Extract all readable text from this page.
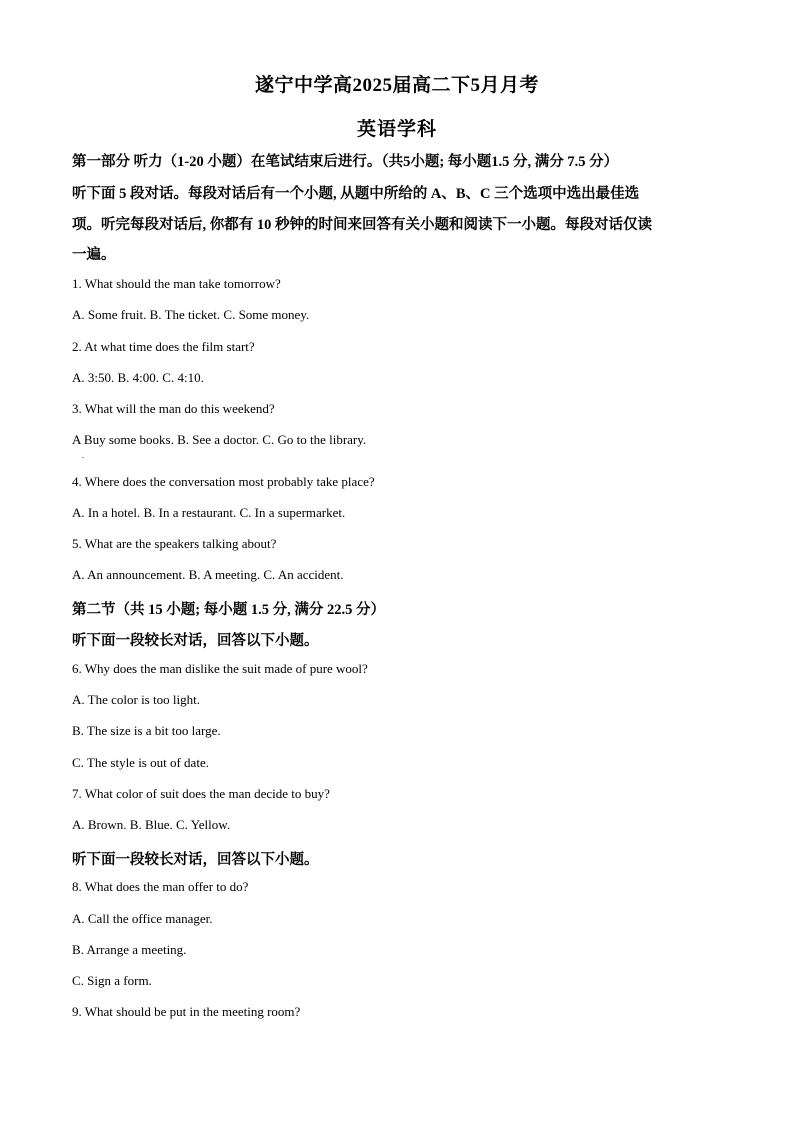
遂宁中学高2025届高二下5月月考
英语学科
第一部分 听力（1-20 小题）在笔试结束后进行。（共5小题; 每小题1.5 分, 满分 7.5 分）
听下面 5 段对话。每段对话后有一个小题, 从题中所给的 A、B、C 三个选项中选出最佳选
项。听完每段对话后, 你都有 10 秒钟的时间来回答有关小题和阅读下一小题。每段对话仅读
一遍。
1. What should the man take tomorrow?
A. Some fruit. B. The ticket. C. Some money.
2. At what time does the film start?
A. 3:50. B. 4:00. C. 4:10.
3. What will the man do this weekend?
A Buy some books. B. See a doctor. C. Go to the library.
.
4. Where does the conversation most probably take place?
A. In a hotel. B. In a restaurant. C. In a supermarket.
5. What are the speakers talking about?
A. An announcement. B. A meeting. C. An accident.
第二节（共 15 小题; 每小题 1.5 分, 满分 22.5 分）
听下面一段较长对话，回答以下小题。
6. Why does the man dislike the suit made of pure wool?
A. The color is too light.
B. The size is a bit too large.
C. The style is out of date.
7. What color of suit does the man decide to buy?
A. Brown. B. Blue. C. Yellow.
听下面一段较长对话，回答以下小题。
8. What does the man offer to do?
A. Call the office manager.
B. Arrange a meeting.
C. Sign a form.
9. What should be put in the meeting room?
